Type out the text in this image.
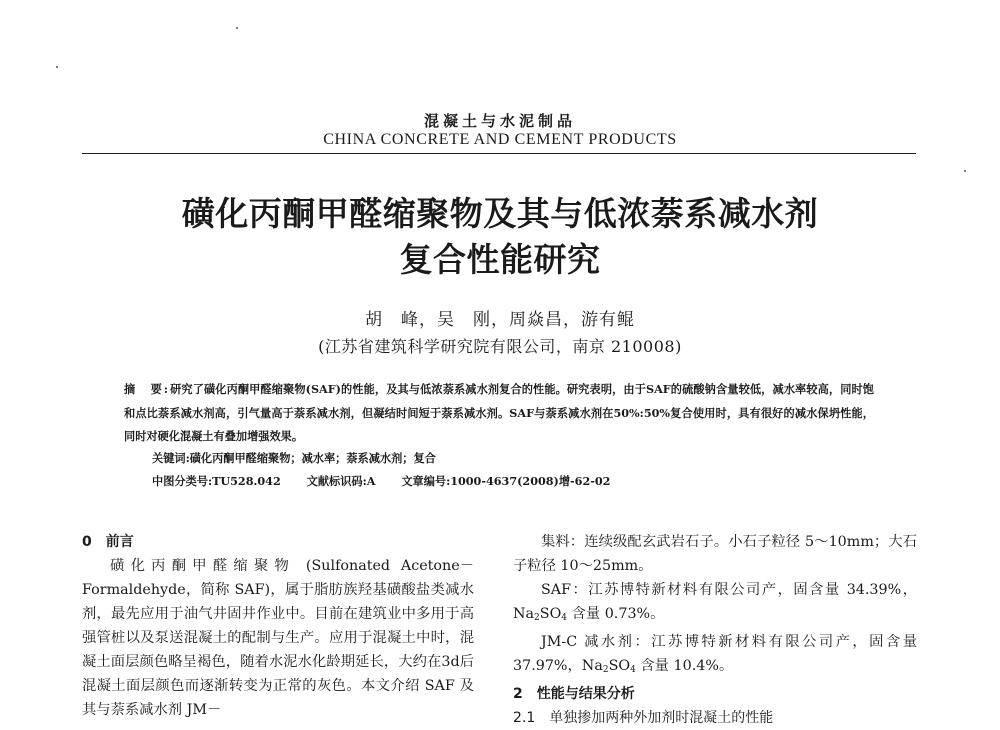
混凝土与水泥制品
CHINA CONCRETE AND CEMENT PRODUCTS
磺化丙酮甲醛缩聚物及其与低浓萘系减水剂
复合性能研究
胡　峰，吴　刚，周焱昌，游有鲲
(江苏省建筑科学研究院有限公司，南京 210008)
摘　要:研究了磺化丙酮甲醛缩聚物(SAF)的性能，及其与低浓萘系减水剂复合的性能。研究表明，由于SAF的硫酸钠含量较低，减水率较高，同时饱和点比萘系减水剂高，引气量高于萘系减水剂，但凝结时间短于萘系减水剂。SAF与萘系减水剂在50%:50%复合使用时，具有很好的减水保坍性能，同时对硬化混凝土有叠加增强效果。
关键词:磺化丙酮甲醛缩聚物；减水率；萘系减水剂；复合
中图分类号:TU528.042 文献标识码:A 文章编号:1000-4637(2008)增-62-02
0　前言
磺化丙酮甲醛缩聚物 (Sulfonated Acetone－Formaldehyde，简称 SAF)，属于脂肪族羟基磺酸盐类减水剂，最先应用于油气井固井作业中。目前在建筑业中多用于高强管桩以及泵送混凝土的配制与生产。应用于混凝土中时，混凝土面层颜色略呈褐色，随着水泥水化龄期延长，大约在3d后混凝土面层颜色而逐渐转变为正常的灰色。本文介绍 SAF 及其与萘系减水剂 JM－
集料：连续级配玄武岩石子。小石子粒径 5～10mm；大石子粒径 10～25mm。
SAF：江苏博特新材料有限公司产，固含量 34.39%，$Na_2SO_4$ 含量 0.73%。
JM-C 减水剂：江苏博特新材料有限公司产，固含量 37.97%，$Na_2SO_4$ 含量 10.4%。
2　性能与结果分析
2.1　单独掺加两种外加剂时混凝土的性能
